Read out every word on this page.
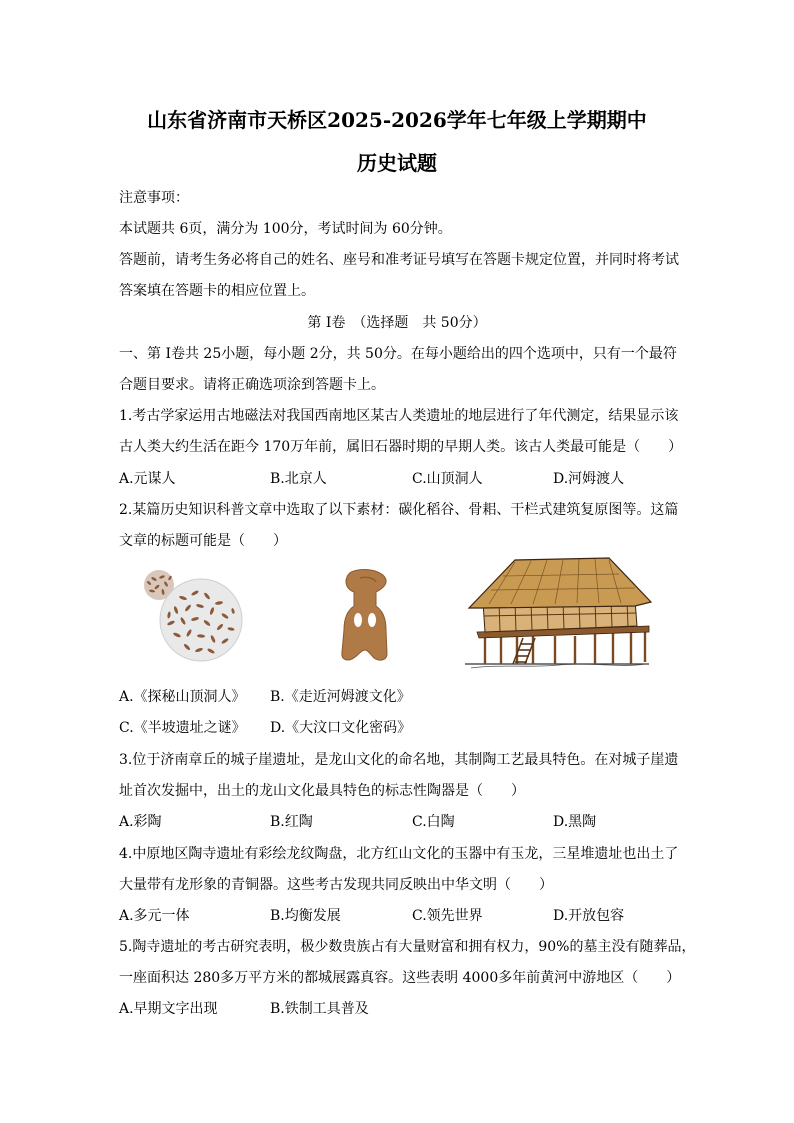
山东省济南市天桥区2025-2026学年七年级上学期期中
历史试题
注意事项：
本试题共 6页，满分为 100分，考试时间为 60分钟。
答题前，请考生务必将自己的姓名、座号和准考证号填写在答题卡规定位置，并同时将考试
答案填在答题卡的相应位置上。
第 I卷　（选择题　共 50分）
一、第 I卷共 25小题，每小题 2分，共 50分。在每小题给出的四个选项中，只有一个最符
合题目要求。请将正确选项涂到答题卡上。
1.考古学家运用古地磁法对我国西南地区某古人类遗址的地层进行了年代测定，结果显示该
古人类大约生活在距今 170万年前，属旧石器时期的早期人类。该古人类最可能是（　　）
A.元谋人	B.北京人	C.山顶洞人	D.河姆渡人
2.某篇历史知识科普文章中选取了以下素材：碳化稻谷、骨耜、干栏式建筑复原图等。这篇
文章的标题可能是（　　）
A.《探秘山顶洞人》 B.《走近河姆渡文化》
C.《半坡遗址之谜》 D.《大汶口文化密码》
3.位于济南章丘的城子崖遗址，是龙山文化的命名地，其制陶工艺最具特色。在对城子崖遗
址首次发掘中，出土的龙山文化最具特色的标志性陶器是（　　）
A.彩陶	B.红陶	C.白陶	D.黑陶
4.中原地区陶寺遗址有彩绘龙纹陶盘，北方红山文化的玉器中有玉龙，三星堆遗址也出土了
大量带有龙形象的青铜器。这些考古发现共同反映出中华文明（　　）
A.多元一体	B.均衡发展	C.领先世界	D.开放包容
5.陶寺遗址的考古研究表明，极少数贵族占有大量财富和拥有权力，90%的墓主没有随葬品，
一座面积达 280多万平方米的都城展露真容。这些表明 4000多年前黄河中游地区（　　）
A.早期文字出现	B.铁制工具普及
